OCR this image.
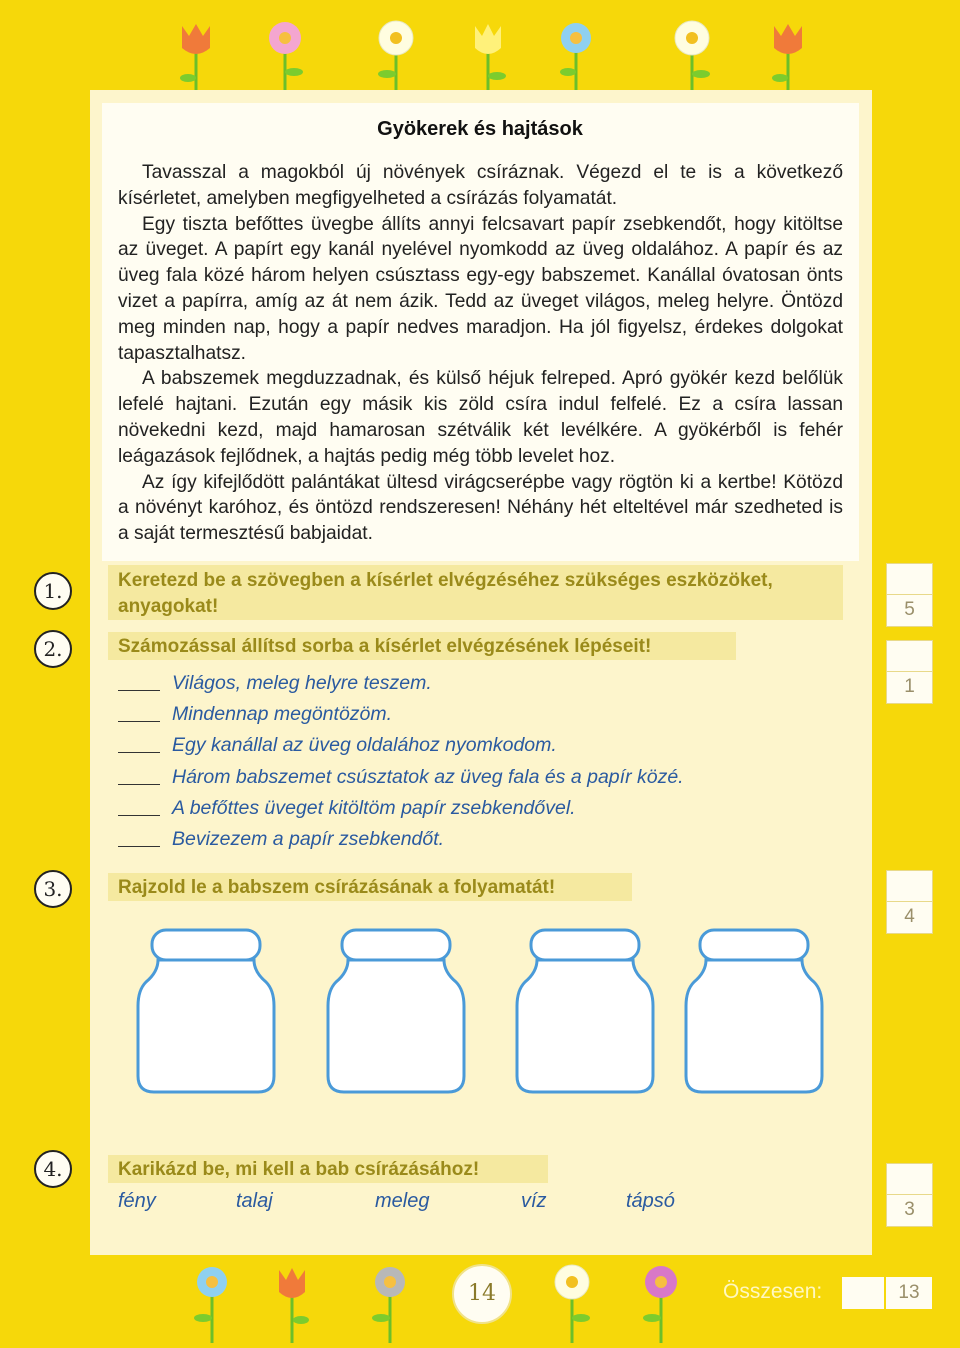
Gyökerek és hajtások

Tavasszal a magokból új növények csíráznak. Végezd el te is a következő kísérletet, amelyben megfigyelheted a csírázás folyamatát.

Egy tiszta befőttes üvegbe állíts annyi felcsavart papír zsebkendőt, hogy kitöltse az üveget. A papírt egy kanál nyelével nyomkodd az üveg oldalához. A papír és az üveg fala közé három helyen csúsztass egy-egy babszemet. Kanállal óvatosan önts vizet a papírra, amíg az át nem ázik. Tedd az üveget világos, meleg helyre. Öntözd meg minden nap, hogy a papír nedves maradjon. Ha jól figyelsz, érdekes dolgokat tapasztalhatsz.

A babszemek megduzzadnak, és külső héjuk felreped. Apró gyökér kezd belőlük lefelé hajtani. Ezután egy másik kis zöld csíra indul felfelé. Ez a csíra lassan növekedni kezd, majd hamarosan szétválik két levélkére. A gyökérből is fehér leágazások fejlődnek, a hajtás pedig még több levelet hoz.

Az így kifejlődött palántákat ültesd virágcserépbe vagy rögtön ki a kertbe! Kötözd a növényt karóhoz, és öntözd rendszeresen! Néhány hét elteltével már szedheted is a saját termesztésű babjaidat.

1.	Keretezd be a szövegben a kísérlet elvégzéséhez szükséges eszközöket, anyagokat!	5
2.	Számozással állítsd sorba a kísérlet elvégzésének lépéseit!
1
Világos, meleg helyre teszem.
Mindennap megöntözöm.
Egy kanállal az üveg oldalához nyomkodom.
Három babszemet csúsztatok az üveg fala és a papír közé.
A befőttes üveget kitöltöm papír zsebkendővel.
Bevizezem a papír zsebkendőt.
3.	Rajzold le a babszem csírázásának a folyamatát!
4
4.	Karikázd be, mi kell a bab csírázásához!
3
fény	talaj	meleg	víz	tápsó
14	Összesen:	13
